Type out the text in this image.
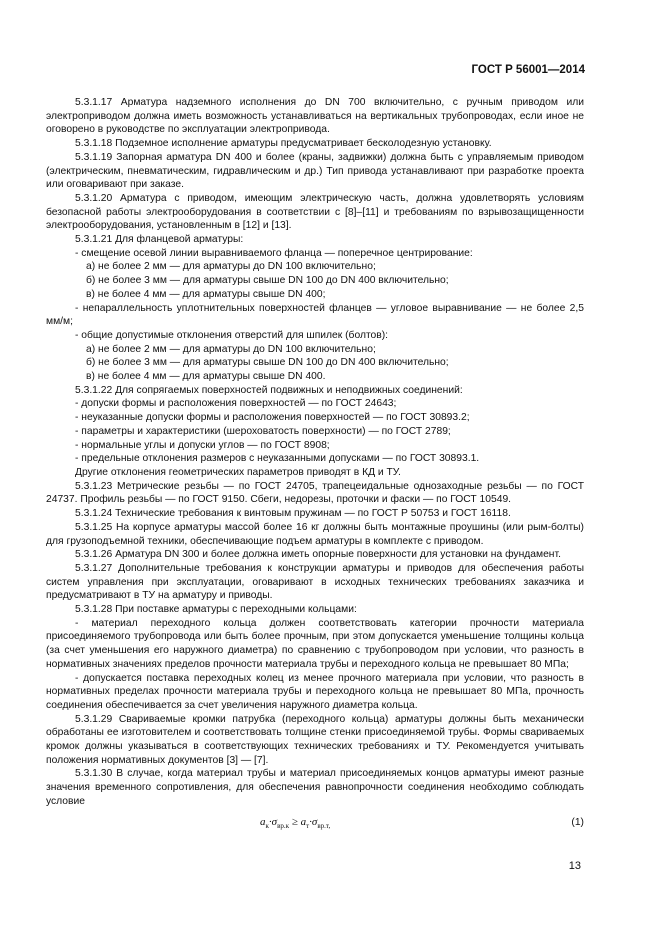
ГОСТ Р 56001—2014

5.3.1.17 Арматура надземного исполнения до DN 700 включительно, с ручным приводом или электроприводом должна иметь возможность устанавливаться на вертикальных трубопроводах, если иное не оговорено в руководстве по эксплуатации электропривода.

5.3.1.18 Подземное исполнение арматуры предусматривает бесколодезную установку.

5.3.1.19 Запорная арматура DN 400 и более (краны, задвижки) должна быть с управляемым приводом (электрическим, пневматическим, гидравлическим и др.) Тип привода устанавливают при разработке проекта или оговаривают при заказе.

5.3.1.20 Арматура с приводом, имеющим электрическую часть, должна удовлетворять условиям безопасной работы электрооборудования в соответствии с [8]–[11] и требованиям по взрывозащищенности электрооборудования, установленным в [12] и [13].

5.3.1.21 Для фланцевой арматуры:

- смещение осевой линии выравниваемого фланца — поперечное центрирование:

а) не более 2 мм — для арматуры до DN 100 включительно;

б) не более 3 мм — для арматуры свыше DN 100 до DN 400 включительно;

в) не более 4 мм — для арматуры свыше DN 400;

- непараллельность уплотнительных поверхностей фланцев — угловое выравнивание — не более 2,5 мм/м;

- общие допустимые отклонения отверстий для шпилек (болтов):

а) не более 2 мм — для арматуры до DN 100 включительно;

б) не более 3 мм — для арматуры свыше DN 100 до DN 400 включительно;

в) не более 4 мм — для арматуры свыше DN 400.

5.3.1.22 Для сопрягаемых поверхностей подвижных и неподвижных соединений:

- допуски формы и расположения поверхностей — по ГОСТ 24643;

- неуказанные допуски формы и расположения поверхностей — по ГОСТ 30893.2;

- параметры и характеристики (шероховатость поверхности) — по ГОСТ 2789;

- нормальные углы и допуски углов — по ГОСТ 8908;

- предельные отклонения размеров с неуказанными допусками — по ГОСТ 30893.1.

Другие отклонения геометрических параметров приводят в КД и ТУ.

5.3.1.23 Метрические резьбы — по ГОСТ 24705, трапецеидальные однозаходные резьбы — по ГОСТ 24737. Профиль резьбы — по ГОСТ 9150. Сбеги, недорезы, проточки и фаски — по ГОСТ 10549.

5.3.1.24 Технические требования к винтовым пружинам — по ГОСТ Р 50753 и ГОСТ 16118.

5.3.1.25 На корпусе арматуры массой более 16 кг должны быть монтажные проушины (или рым-болты) для грузоподъемной техники, обеспечивающие подъем арматуры в комплекте с приводом.

5.3.1.26 Арматура DN 300 и более должна иметь опорные поверхности для установки на фундамент.

5.3.1.27 Дополнительные требования к конструкции арматуры и приводов для обеспечения работы систем управления при эксплуатации, оговаривают в исходных технических требованиях заказчика и предусматривают в ТУ на арматуру и приводы.

5.3.1.28 При поставке арматуры с переходными кольцами:

- материал переходного кольца должен соответствовать категории прочности материала присоединяемого трубопровода или быть более прочным, при этом допускается уменьшение толщины кольца (за счет уменьшения его наружного диаметра) по сравнению с трубопроводом при условии, что разность в нормативных значениях пределов прочности материала трубы и переходного кольца не превышает 80 МПа;

- допускается поставка переходных колец из менее прочного материала при условии, что разность в нормативных пределах прочности материала трубы и переходного кольца не превышает 80 МПа, прочность соединения обеспечивается за счет увеличения наружного диаметра кольца.

5.3.1.29 Свариваемые кромки патрубка (переходного кольца) арматуры должны быть механически обработаны ее изготовителем и соответствовать толщине стенки присоединяемой трубы. Формы свариваемых кромок должны указываться в соответствующих технических требованиях и ТУ. Рекомендуется учитывать положения нормативных документов [3] — [7].

5.3.1.30 В случае, когда материал трубы и материал присоединяемых концов арматуры имеют разные значения временного сопротивления, для обеспечения равнопрочности соединения необходимо соблюдать условие

$a_к\cdot\sigma_{вр.к} \ge a_т\cdot\sigma_{вр.т,}$	(1)
13
